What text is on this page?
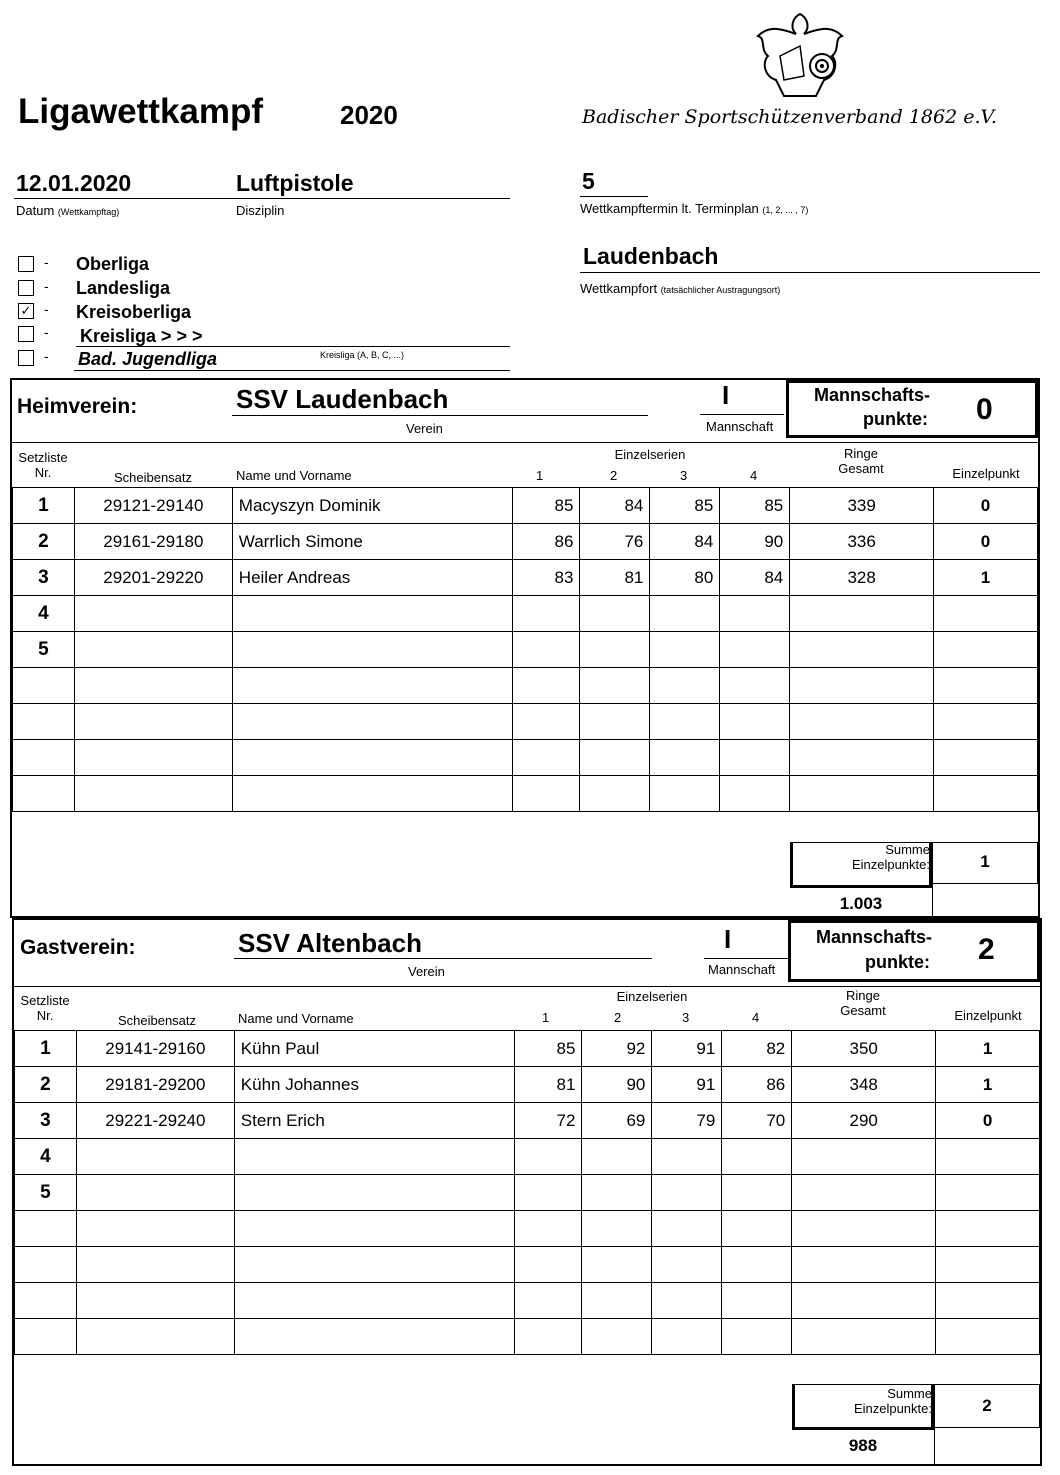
Ligawettkampf	2020	Badischer Sportschützenverband 1862 e.V.
12.01.2020	Luftpistole
Datum (Wettkampftag)	Disziplin
5
Wettkampftermin lt. Terminplan (1, 2, ... , 7)
Laudenbach
Wettkampfort (tatsächlicher Austragungsort)
- Oberliga
- Landesliga
✓ - Kreisoberliga
- Kreisliga > > >
- Bad. Jugendliga	Kreisliga (A, B, C, ...)
Heimverein:	SSV Laudenbach
Verein
I
Mannschaft
Mannschafts-
punkte: 0
Setzliste
Nr.	Scheibensatz	Name und Vorname
Einzelserien
1	2	3	4
Ringe
Gesamt	Einzelpunkt
1	29121-29140	Macyszyn Dominik	85	84	85	85	339	0
2	29161-29180	Warrlich Simone	86	76	84	90	336	0
3	29201-29220	Heiler Andreas	83	81	80	84	328	1
4								
5								

Summe
Einzelpunkte:	1
1.003
Gastverein:	SSV Altenbach
Verein
I
Mannschaft
Mannschafts-
punkte: 2
Setzliste
Nr.	Scheibensatz	Name und Vorname
Einzelserien
1	2	3	4
Ringe
Gesamt	Einzelpunkt
1	29141-29160	Kühn Paul	85	92	91	82	350	1
2	29181-29200	Kühn Johannes	81	90	91	86	348	1
3	29221-29240	Stern Erich	72	69	79	70	290	0
4								
5								

Summe
Einzelpunkte:	2
988
